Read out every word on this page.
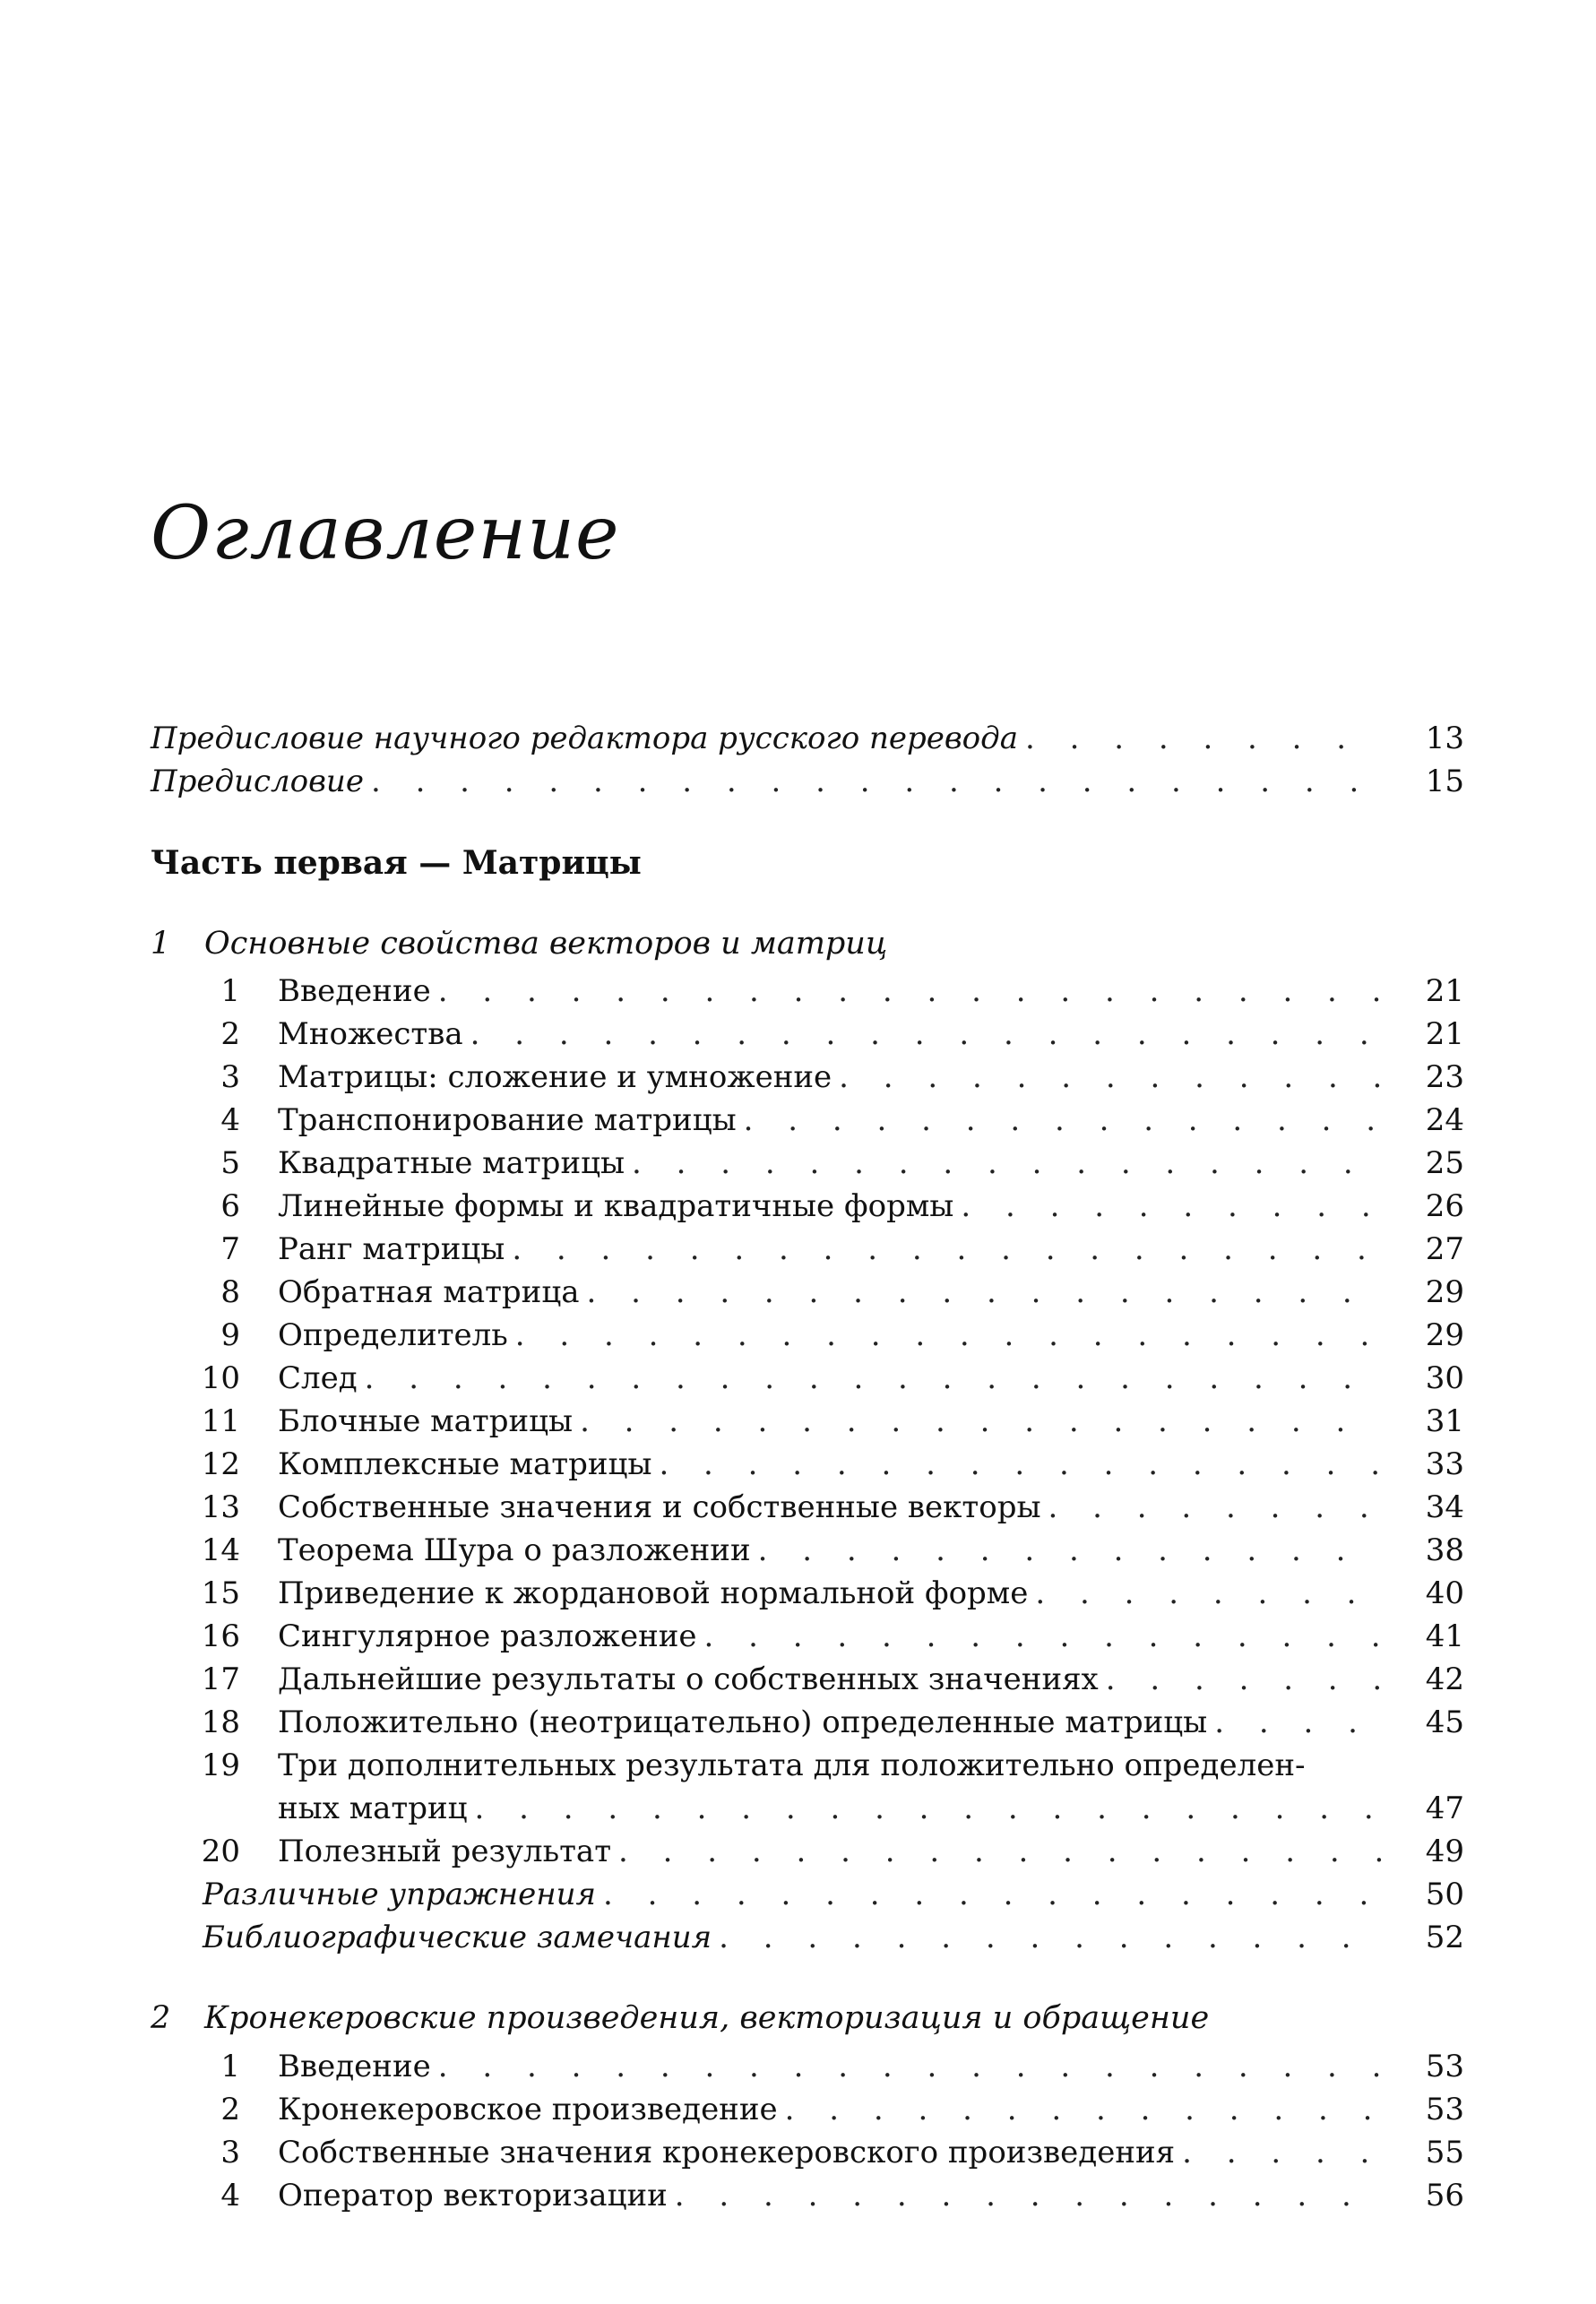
Оглавление
Предисловие научного редактора русского перевода . . .	13
Предисловие . . .	15
Часть первая — Матрицы
1 Основные свойства векторов и матриц
1	Введение . . .	21
2	Множества . . .	21
3	Матрицы: сложение и умножение . . .	23
4	Транспонирование матрицы . . .	24
5	Квадратные матрицы . . .	25
6	Линейные формы и квадратичные формы . . .	26
7	Ранг матрицы . . .	27
8	Обратная матрица . . .	29
9	Определитель . . .	29
10	След . . .	30
11	Блочные матрицы . . .	31
12	Комплексные матрицы . . .	33
13	Собственные значения и собственные векторы . . .	34
14	Теорема Шура о разложении . . .	38
15	Приведение к жордановой нормальной форме . . .	40
16	Сингулярное разложение . . .	41
17	Дальнейшие результаты о собственных значениях . . .	42
18	Положительно (неотрицательно) определенные матрицы . . .	45
19 Три дополнительных результата для положительно определен-
ных матриц . . .	47
20	Полезный результат . . .	49
Различные упражнения . . .	50
Библиографические замечания . . .	52
2 Кронекеровские произведения, векторизация и обращение
1	Введение . . .	53
2	Кронекеровское произведение . . .	53
3	Собственные значения кронекеровского произведения . . .	55
4	Оператор векторизации . . .	56
